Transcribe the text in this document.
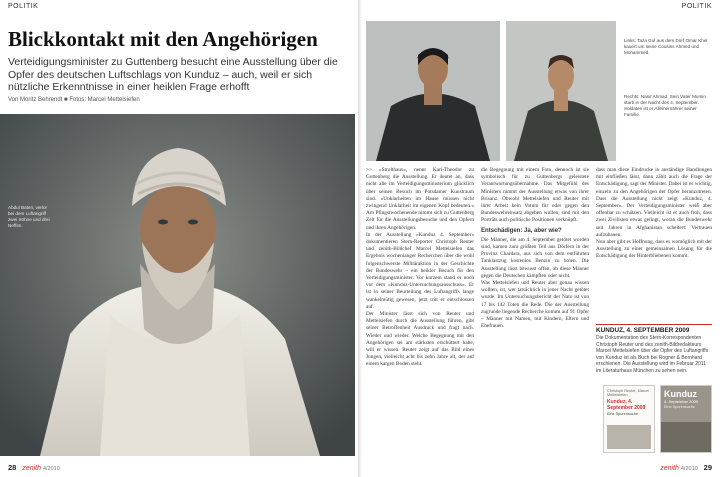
POLITIK	POLITIK
Blickkontakt mit den Angehörigen
Verteidigungsminister zu Guttenberg besucht eine Ausstellung über die Opfer des deutschen Luftschlags von Kunduz – auch, weil er sich nützliche Erkenntnisse in einer heiklen Frage erhofft
Von Moritz Behrendt ■ Fotos: Marcel Mettelsiefen
Abdul Baten, verlor bei dem Luftangriff zwei Söhne und drei Neffen.
28 zenith 4/2010
Links: Taza Gul aus dem Dorf Omar Khel kauert um seine Cousins Ahmed und Mohammed.
Rechts: Nasir Ahmad. Sein Vater Mumin starb in der Nacht des 4. September. Soldaten ist er Alleinernährer seiner Familie.

>> »Strolthaus«, nennt Karl-Theodor zu Guttenberg die Ausstellung. Er deutet an, dass nicht alle im Verteidigungsministerium glücklich über seinen Besuch im Potsdamer Kunstraum sind. »Unklarheiten im Hause müssen nicht zwingend Unklarheit im eigenen Kopf bedeuten.« Am Pfingstwochenende nimmt sich zu Guttenberg Zeit für die Ausstellungsbesuche und den Opfern und ihren Angehörigen.

In der Ausstellung »Kunduz 4. September« dokumentieren Stern-Reporter Christoph Reuter und zenith-Bildchef Marcel Mettelsiefen das Ergebnis wochenlanger Recherchen über die wohl folgenschwerste Militäraktion in der Geschichte der Bundeswehr – ein heikler Besuch für den Verteidigungsminister. Vor kurzem stand er noch vor dem »Kunduz-Untersuchungsausschuss«. Er ist in seiner Beurteilung des Luftangriffs lange wankelmütig gewesen, jetzt tritt er entschlossen auf.

Der Minister lässt sich von Reuter und Mettelsiefen durch die Ausstellung führen, gibt seiner Betroffenheit Ausdruck und fragt nach. Wieder und wieder. Welche Begegnung mit den Angehörigen sei am stärksten erschüttert habe, will er wissen. Reuter zeigt auf das Bild eines Jungen, vielleicht acht bis zehn Jahre alt, der auf einem kargen Boden steht.

die Begegnung mit einem Foto, dennoch ist sie symbolisch für zu Guttenbergs geleistete Verantwortungsübernahme. Das Mitgefühl des Ministers nimmt der Ausstellung etwas von ihrer Brisanz. Obwohl Mettelsiefen und Reuter mit ihrer Arbeit kein Votum für oder gegen den Bundeswehreinsatz abgeben wollen, sind mit den Porträts auch politische Positionen verknüpft.

Entschädigen: Ja, aber wie?

Die Männer, die am 4. September getötet worden sind, kamen zum größten Teil aus Dörfern in der Provinz Chardara, aus sich von dem entführten Tanklastzug kostenlos Benzin zu holen. Die Ausstellung lässt bewusst offen, ob diese Männer gegen die Deutschen kämpften oder nicht.

Was Mettelsiefen und Reuter aber genau wissen wollten, ist, wer tatsächlich in jener Nacht getötet wurde. Im Untersuchungsbericht der Nato ist von 17 bis 142 Toten die Rede. Die der Ausstellung zugrunde liegende Recherche kommt auf 91 Opfer – Männer mit Namen, mit Kindern, Eltern und Ehefrauen.

dass man diese Eindrucke in anständige Handlungen mit einfließen lässt, dann zählt auch die Frage der Entschädigung, sagt der Minister. Dabei ist es wichtig, einzeln zu den Angehörigen der Opfer heranzutreten. Dass die Ausstellung nicht zeigt »Kunduz, 4. September«. Der Verteidigungsminister weiß aber offenbar zu schätzen. Vielleicht ist er auch froh, dass zwei Zivilisten etwas gelingt, woran die Bundeswehr seit Jahren in Afghanistan scheitert: Vertrauen aufzubauen.

Nun aber gibt es Hoffnung, dass es womöglich mit der Ausstellung zu einer gemeinsamen Lösung für die Entschädigung der Hinterbliebenen kommt.

KUNDUZ, 4. SEPTEMBER 2009
Die Dokumentation des Stern-Korrespondenten Christoph Reuter und des zenith-Bildredakteurs Marcel Mettelsiefen über die Opfer des Luftangriffs von Kunduz ist als Buch bei Rogner & Bernhard erschienen. Die Ausstellung wird im Februar 2011 im Literaturhaus München zu sehen sein.
Christoph Reuter, Marcel Mettelsiefen
Kunduz, 4. September 2009
Eine Spurensuche
Kunduz
4. September 2009
Eine Spurensuche
zenith 4/2010 29
